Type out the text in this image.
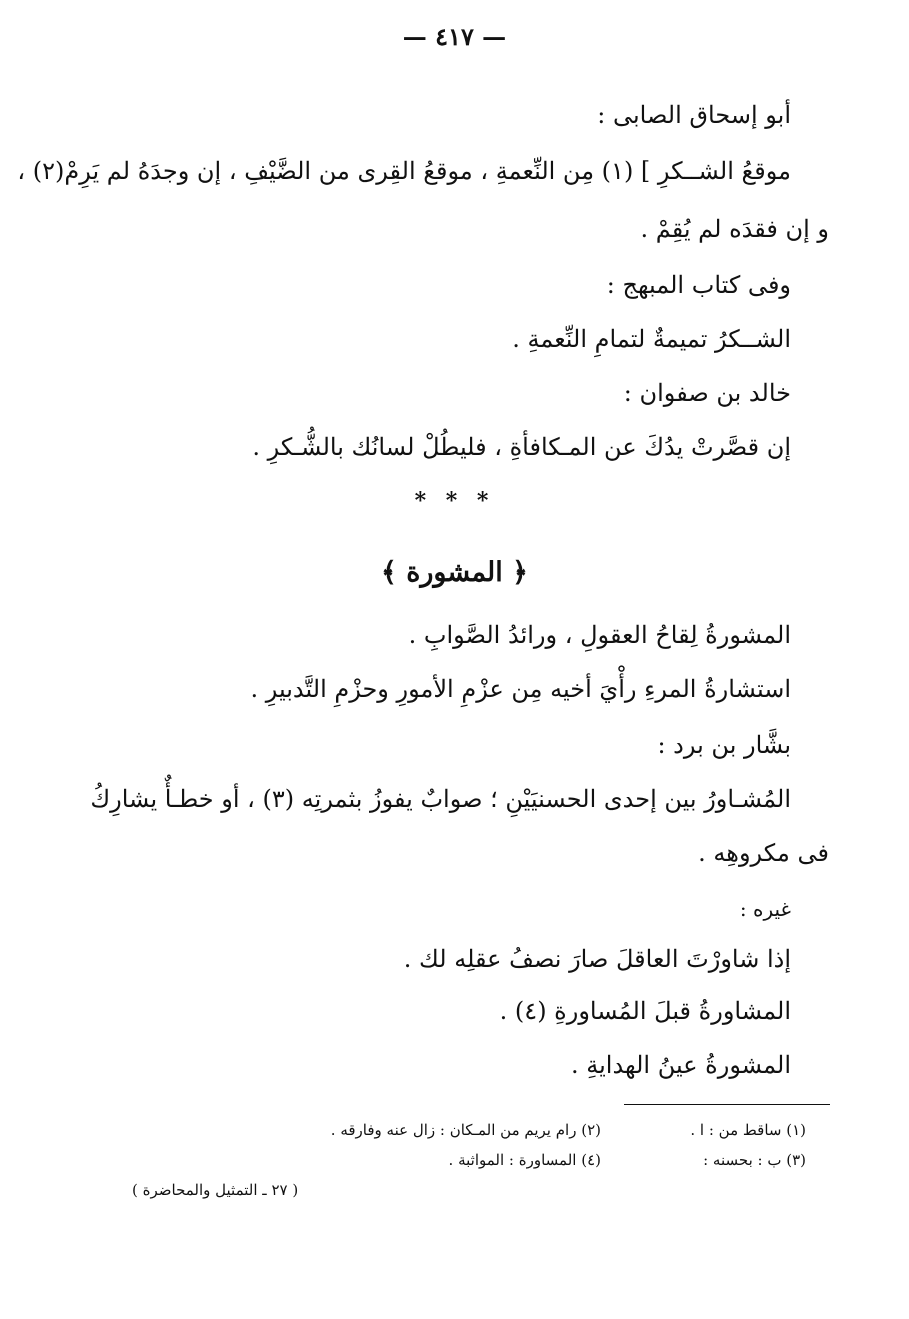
— ٤١٧ —
أبو إسحاق الصابى :
موقعُ الشــكرِ ] (١) مِن النِّعمةِ ، موقعُ القِرى من الضَّيْفِ ، إن وجدَهُ لم يَرِمْ(٢) ،
و إن فقدَه لم يُقِمْ .
وفى كتاب المبهج :
الشــكرُ تميمةٌ لتمامِ النِّعمةِ .
خالد بن صفوان :
إن قصَّرتْ يدُكَ عن المـكافأةِ ، فليطُلْ لسانُك بالشُّـكرِ .
* * *
﴿ المشورة ﴾
المشورةُ لِقاحُ العقولِ ، ورائدُ الصَّوابِ .
استشارةُ المرءِ رأْيَ أخيه مِن عزْمِ الأمورِ وحزْمِ التَّدبيرِ .
بشَّار بن برد :
المُشـاورُ بين إحدى الحسنيَيْنِ ؛ صوابٌ يفوزُ بثمرتِه (٣) ، أو خطـأٌ يشارِكُ
فى مكروهِه .
غيره :
إذا شاورْتَ العاقلَ صارَ نصفُ عقلِه لك .
المشاورةُ قبلَ المُساورةِ (٤) .
المشورةُ عينُ الهدايةِ .
(١) ساقط من : ا .
(٢) رام يريم من المـكان : زال عنه وفارقه .
(٣) ب : بحسنه :
(٤) المساورة : المواثبة .
( ٢٧ ـ التمثيل والمحاضرة )
